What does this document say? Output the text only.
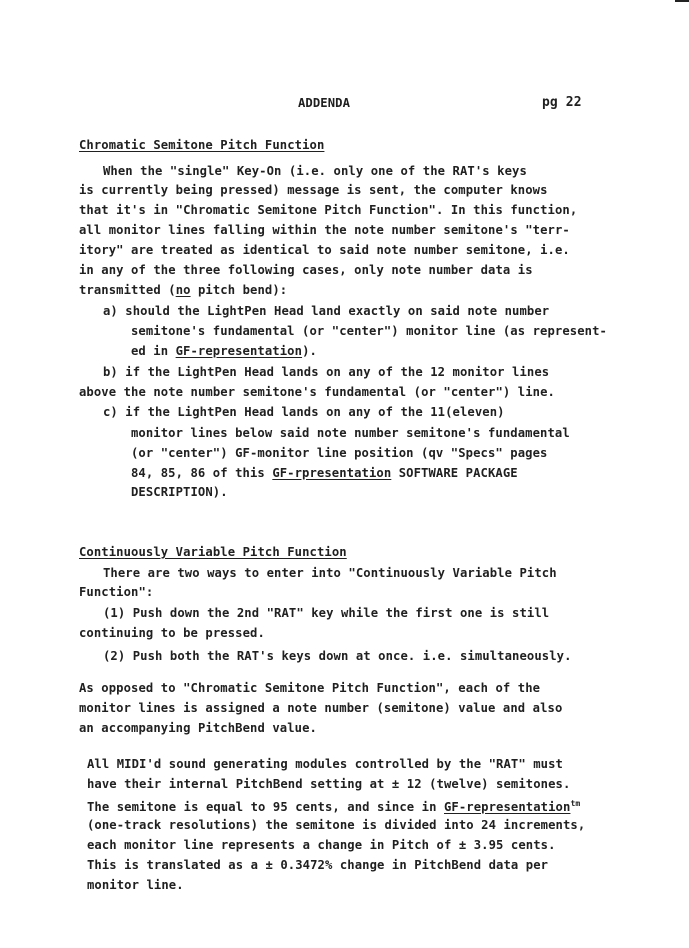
ADDENDA	pg 22
Chromatic Semitone Pitch Function
When the "single" Key-On (i.e. only one of the RAT's keys
is currently being pressed) message is sent, the computer knows
that it's in "Chromatic Semitone Pitch Function". In this function,
all monitor lines falling within the note number semitone's "terr-
itory" are treated as identical to said note number semitone, i.e.
in any of the three following cases, only note number data is
transmitted (no pitch bend):
a) should the LightPen Head land exactly on said note number
semitone's fundamental (or "center") monitor line (as represent-
ed in GF-representation).
b) if the LightPen Head lands on any of the 12 monitor lines
above the note number semitone's fundamental (or "center") line.
c) if the LightPen Head lands on any of the 11(eleven)
monitor lines below said note number semitone's fundamental
(or "center") GF-monitor line position (qv "Specs" pages
84, 85, 86 of this GF-rpresentation SOFTWARE PACKAGE
DESCRIPTION).
Continuously Variable Pitch Function
There are two ways to enter into "Continuously Variable Pitch
Function":
(1) Push down the 2nd "RAT" key while the first one is still
continuing to be pressed.
(2) Push both the RAT's keys down at once. i.e. simultaneously.
As opposed to "Chromatic Semitone Pitch Function", each of the
monitor lines is assigned a note number (semitone) value and also
an accompanying PitchBend value.
All MIDI'd sound generating modules controlled by the "RAT" must
have their internal PitchBend setting at ± 12 (twelve) semitones.
The semitone is equal to 95 cents, and since in GF-representation$^{tm}$
(one-track resolutions) the semitone is divided into 24 increments,
each monitor line represents a change in Pitch of ± 3.95 cents.
This is translated as a ± 0.3472% change in PitchBend data per
monitor line.
